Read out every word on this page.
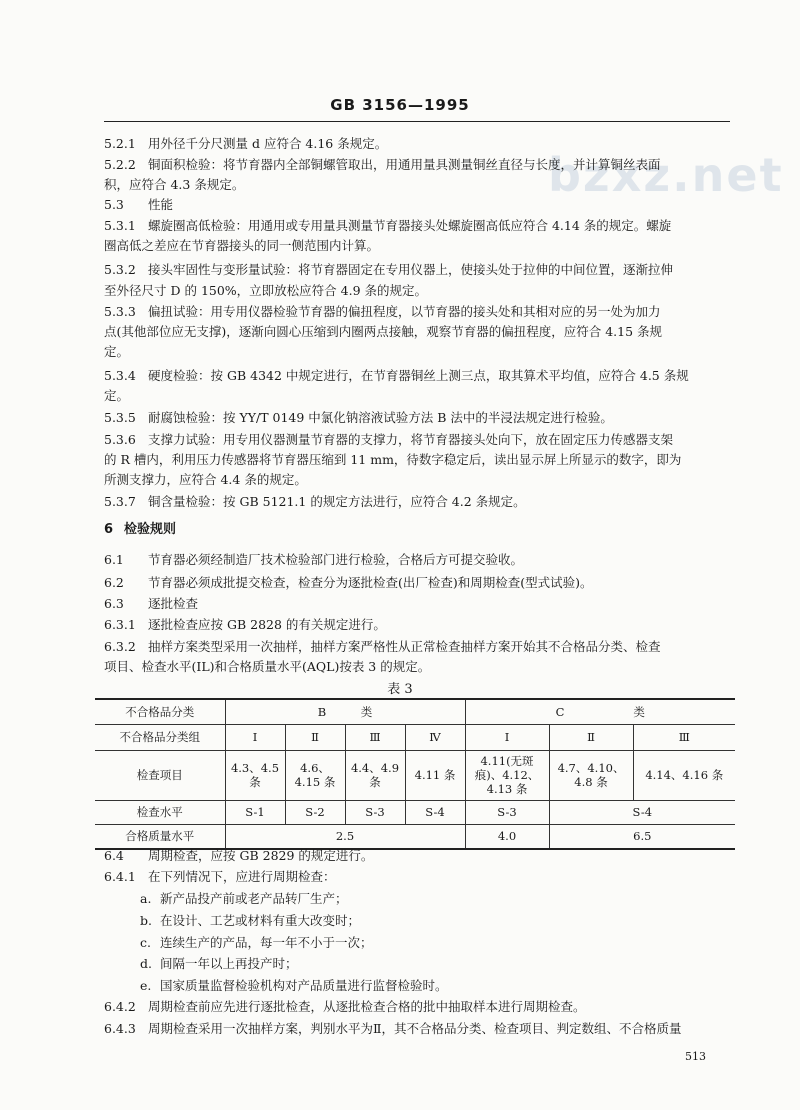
GB 3156—1995
bzxz.net
5.2.1 用外径千分尺测量 d 应符合 4.16 条规定。
5.2.2 铜面积检验：将节育器内全部铜螺管取出，用通用量具测量铜丝直径与长度，并计算铜丝表面
积，应符合 4.3 条规定。
5.3 性能
5.3.1 螺旋圈高低检验：用通用或专用量具测量节育器接头处螺旋圈高低应符合 4.14 条的规定。螺旋
圈高低之差应在节育器接头的同一侧范围内计算。
5.3.2 接头牢固性与变形量试验：将节育器固定在专用仪器上，使接头处于拉伸的中间位置，逐渐拉伸
至外径尺寸 D 的 150%，立即放松应符合 4.9 条的规定。
5.3.3 偏扭试验：用专用仪器检验节育器的偏扭程度，以节育器的接头处和其相对应的另一处为加力
点(其他部位应无支撑)，逐渐向圆心压缩到内圈两点接触，观察节育器的偏扭程度，应符合 4.15 条规
定。
5.3.4 硬度检验：按 GB 4342 中规定进行，在节育器铜丝上测三点，取其算术平均值，应符合 4.5 条规
定。
5.3.5 耐腐蚀检验：按 YY/T 0149 中氯化钠溶液试验方法 B 法中的半浸法规定进行检验。
5.3.6 支撑力试验：用专用仪器测量节育器的支撑力，将节育器接头处向下，放在固定压力传感器支架
的 R 槽内，利用压力传感器将节育器压缩到 11 mm，待数字稳定后，读出显示屏上所显示的数字，即为
所测支撑力，应符合 4.4 条的规定。
5.3.7 铜含量检验：按 GB 5121.1 的规定方法进行，应符合 4.2 条规定。
6 检验规则
6.1 节育器必须经制造厂技术检验部门进行检验，合格后方可提交验收。
6.2 节育器必须成批提交检查，检查分为逐批检查(出厂检查)和周期检查(型式试验)。
6.3 逐批检查
6.3.1 逐批检查应按 GB 2828 的有关规定进行。
6.3.2 抽样方案类型采用一次抽样，抽样方案严格性从正常检查抽样方案开始其不合格品分类、检查
项目、检查水平(IL)和合格质量水平(AQL)按表 3 的规定。
表 3
不合格品分类	B　　　类				C　　　　　　类		
不合格品分类组	Ⅰ	Ⅱ	Ⅲ	Ⅳ	Ⅰ	Ⅱ	Ⅲ
检查项目	4.3、4.5 条	4.6、4.15 条	4.4、4.9 条	4.11 条	4.11(无斑痕)、4.12、4.13 条	4.7、4.10、4.8 条	4.14、4.16 条
检查水平	S-1	S-2	S-3	S-4	S-3	S-4	
合格质量水平	2.5				4.0	6.5	
6.4 周期检查，应按 GB 2829 的规定进行。
6.4.1 在下列情况下，应进行周期检查：
a. 新产品投产前或老产品转厂生产；
b. 在设计、工艺或材料有重大改变时；
c. 连续生产的产品，每一年不小于一次；
d. 间隔一年以上再投产时；
e. 国家质量监督检验机构对产品质量进行监督检验时。
6.4.2 周期检查前应先进行逐批检查，从逐批检查合格的批中抽取样本进行周期检查。
6.4.3 周期检查采用一次抽样方案，判别水平为Ⅱ，其不合格品分类、检查项目、判定数组、不合格质量
513
